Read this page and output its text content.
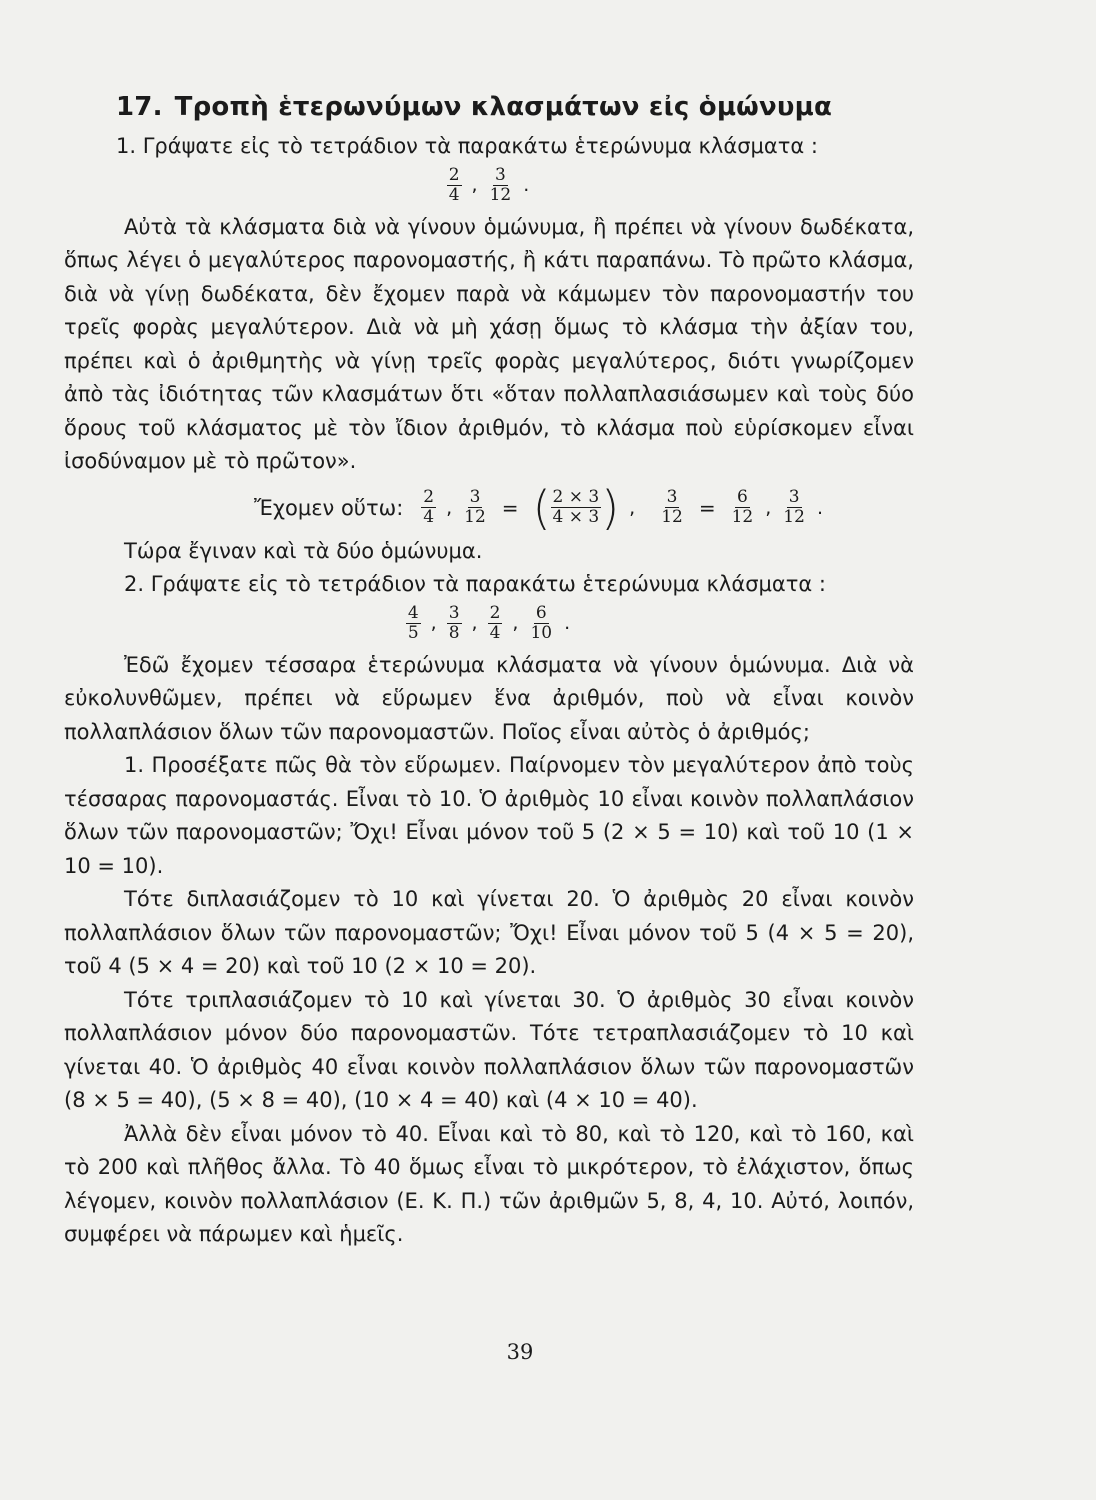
17. Τροπὴ ἑτερωνύμων κλασμάτων εἰς ὁμώνυμα

1. Γράψατε εἰς τὸ τετράδιον τὰ παρακάτω ἑτερώνυμα κλάσματα :

$\frac{2}{4}$ , $\frac{3}{12}$ .

Αὐτὰ τὰ κλάσματα διὰ νὰ γίνουν ὁμώνυμα, ἢ πρέπει νὰ γίνουν δωδέκατα, ὅπως λέγει ὁ μεγαλύτερος παρονομαστής, ἢ κάτι παραπάνω. Τὸ πρῶτο κλάσμα, διὰ νὰ γίνῃ δωδέκατα, δὲν ἔχομεν παρὰ νὰ κάμωμεν τὸν παρονομαστήν του τρεῖς φορὰς μεγαλύτερον. Διὰ νὰ μὴ χάσῃ ὅμως τὸ κλάσμα τὴν ἀξίαν του, πρέπει καὶ ὁ ἀριθμητὴς νὰ γίνῃ τρεῖς φορὰς μεγαλύτερος, διότι γνωρίζομεν ἀπὸ τὰς ἰδιότητας τῶν κλασμάτων ὅτι «ὅταν πολλαπλασιάσωμεν καὶ τοὺς δύο ὅρους τοῦ κλάσματος μὲ τὸν ἴδιον ἀριθμόν, τὸ κλάσμα ποὺ εὑρίσκομεν εἶναι ἰσοδύναμον μὲ τὸ πρῶτον».

Ἔχομεν οὕτω: $\frac{2}{4}$ , $\frac{3}{12}$ = ( $\frac{2 \times 3}{4 \times 3}$ ) , $\frac{3}{12} = \frac{6}{12}$ , $\frac{3}{12}$ .

Τώρα ἔγιναν καὶ τὰ δύο ὁμώνυμα.

2. Γράψατε εἰς τὸ τετράδιον τὰ παρακάτω ἑτερώνυμα κλάσματα :

$\frac{4}{5}$ , $\frac{3}{8}$ , $\frac{2}{4}$ , $\frac{6}{10}$ .

Ἐδῶ ἔχομεν τέσσαρα ἑτερώνυμα κλάσματα νὰ γίνουν ὁμώνυμα. Διὰ νὰ εὐκολυνθῶμεν, πρέπει νὰ εὕρωμεν ἕνα ἀριθμόν, ποὺ νὰ εἶναι κοινὸν πολλαπλάσιον ὅλων τῶν παρονομαστῶν. Ποῖος εἶναι αὐτὸς ὁ ἀριθμός;

1. Προσέξατε πῶς θὰ τὸν εὕρωμεν. Παίρνομεν τὸν μεγαλύτερον ἀπὸ τοὺς τέσσαρας παρονομαστάς. Εἶναι τὸ 10. Ὁ ἀριθμὸς 10 εἶναι κοινὸν πολλαπλάσιον ὅλων τῶν παρονομαστῶν; Ὄχι! Εἶναι μόνον τοῦ 5 (2 × 5 = 10) καὶ τοῦ 10 (1 × 10 = 10).

Τότε διπλασιάζομεν τὸ 10 καὶ γίνεται 20. Ὁ ἀριθμὸς 20 εἶναι κοινὸν πολλαπλάσιον ὅλων τῶν παρονομαστῶν; Ὄχι! Εἶναι μόνον τοῦ 5 (4 × 5 = 20), τοῦ 4 (5 × 4 = 20) καὶ τοῦ 10 (2 × 10 = 20).

Τότε τριπλασιάζομεν τὸ 10 καὶ γίνεται 30. Ὁ ἀριθμὸς 30 εἶναι κοινὸν πολλαπλάσιον μόνον δύο παρονομαστῶν. Τότε τετραπλασιάζομεν τὸ 10 καὶ γίνεται 40. Ὁ ἀριθμὸς 40 εἶναι κοινὸν πολλαπλάσιον ὅλων τῶν παρονομαστῶν (8 × 5 = 40), (5 × 8 = 40), (10 × 4 = 40) καὶ (4 × 10 = 40).

Ἀλλὰ δὲν εἶναι μόνον τὸ 40. Εἶναι καὶ τὸ 80, καὶ τὸ 120, καὶ τὸ 160, καὶ τὸ 200 καὶ πλῆθος ἄλλα. Τὸ 40 ὅμως εἶναι τὸ μικρότερον, τὸ ἐλάχιστον, ὅπως λέγομεν, κοινὸν πολλαπλάσιον (Ε. Κ. Π.) τῶν ἀριθμῶν 5, 8, 4, 10. Αὐτό, λοιπόν, συμφέρει νὰ πάρωμεν καὶ ἡμεῖς.

39
